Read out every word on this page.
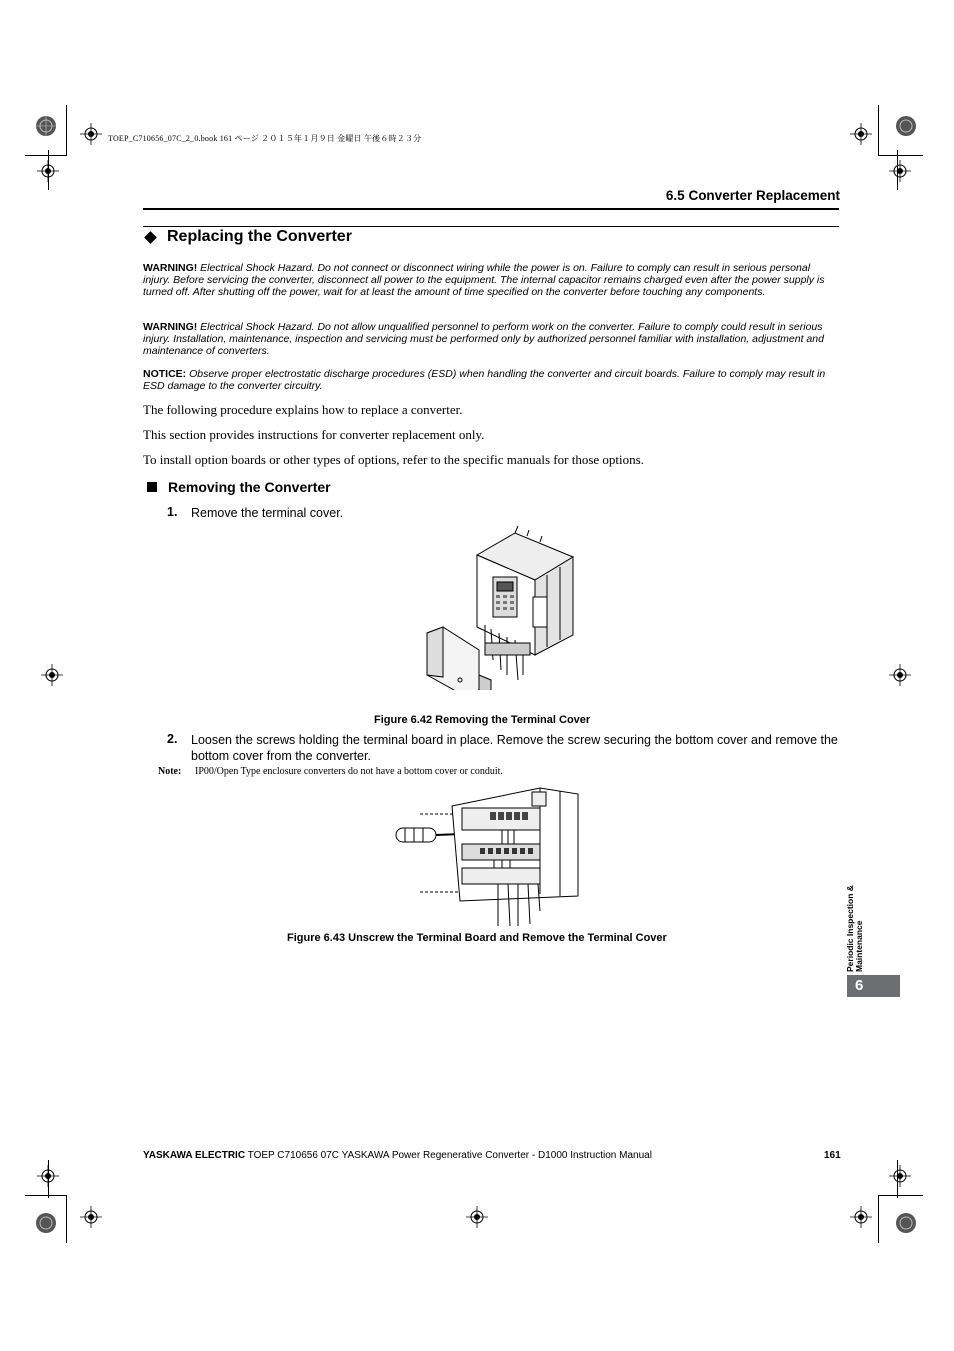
TOEP_C710656_07C_2_0.book 161 ページ ２０１５年１月９日 金曜日 午後６時２３分
6.5 Converter Replacement
Replacing the Converter
WARNING! Electrical Shock Hazard. Do not connect or disconnect wiring while the power is on. Failure to comply can result in serious personal injury. Before servicing the converter, disconnect all power to the equipment. The internal capacitor remains charged even after the power supply is turned off. After shutting off the power, wait for at least the amount of time specified on the converter before touching any components.
WARNING! Electrical Shock Hazard. Do not allow unqualified personnel to perform work on the converter. Failure to comply could result in serious injury. Installation, maintenance, inspection and servicing must be performed only by authorized personnel familiar with installation, adjustment and maintenance of converters.
NOTICE: Observe proper electrostatic discharge procedures (ESD) when handling the converter and circuit boards. Failure to comply may result in ESD damage to the converter circuitry.
The following procedure explains how to replace a converter.
This section provides instructions for converter replacement only.
To install option boards or other types of options, refer to the specific manuals for those options.
Removing the Converter
1. Remove the terminal cover.
Figure 6.42 Removing the Terminal Cover
2. Loosen the screws holding the terminal board in place. Remove the screw securing the bottom cover and remove the bottom cover from the converter.
Note: IP00/Open Type enclosure converters do not have a bottom cover or conduit.
Figure 6.43 Unscrew the Terminal Board and Remove the Terminal Cover	Periodic Inspection & Maintenance
6
YASKAWA ELECTRIC TOEP C710656 07C YASKAWA Power Regenerative Converter - D1000 Instruction Manual	161
